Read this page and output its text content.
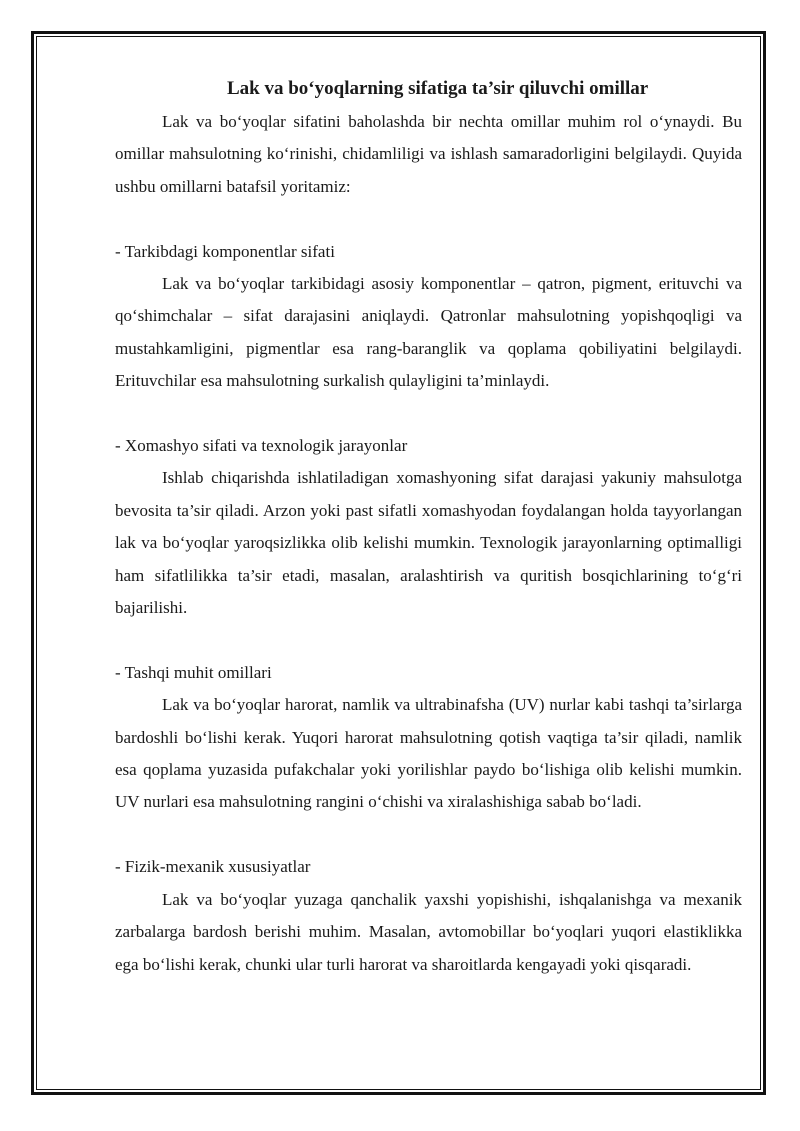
Lak va bo‘yoqlarning sifatiga ta’sir qiluvchi omillar

Lak va bo‘yoqlar sifatini baholashda bir nechta omillar muhim rol o‘ynaydi. Bu omillar mahsulotning ko‘rinishi, chidamliligi va ishlash samaradorligini belgilaydi. Quyida ushbu omillarni batafsil yoritamiz:

- Tarkibdagi komponentlar sifati

Lak va bo‘yoqlar tarkibidagi asosiy komponentlar – qatron, pigment, erituvchi va qo‘shimchalar – sifat darajasini aniqlaydi. Qatronlar mahsulotning yopishqoqligi va mustahkamligini, pigmentlar esa rang-baranglik va qoplama qobiliyatini belgilaydi. Erituvchilar esa mahsulotning surkalish qulayligini ta’minlaydi.

- Xomashyo sifati va texnologik jarayonlar

Ishlab chiqarishda ishlatiladigan xomashyoning sifat darajasi yakuniy mahsulotga bevosita ta’sir qiladi. Arzon yoki past sifatli xomashyodan foydalangan holda tayyorlangan lak va bo‘yoqlar yaroqsizlikka olib kelishi mumkin. Texnologik jarayonlarning optimalligi ham sifatlilikka ta’sir etadi, masalan, aralashtirish va quritish bosqichlarining to‘g‘ri bajarilishi.

- Tashqi muhit omillari

Lak va bo‘yoqlar harorat, namlik va ultrabinafsha (UV) nurlar kabi tashqi ta’sirlarga bardoshli bo‘lishi kerak. Yuqori harorat mahsulotning qotish vaqtiga ta’sir qiladi, namlik esa qoplama yuzasida pufakchalar yoki yorilishlar paydo bo‘lishiga olib kelishi mumkin. UV nurlari esa mahsulotning rangini o‘chishi va xiralashishiga sabab bo‘ladi.

- Fizik-mexanik xususiyatlar

Lak va bo‘yoqlar yuzaga qanchalik yaxshi yopishishi, ishqalanishga va mexanik zarbalarga bardosh berishi muhim. Masalan, avtomobillar bo‘yoqlari yuqori elastiklikka ega bo‘lishi kerak, chunki ular turli harorat va sharoitlarda kengayadi yoki qisqaradi.
